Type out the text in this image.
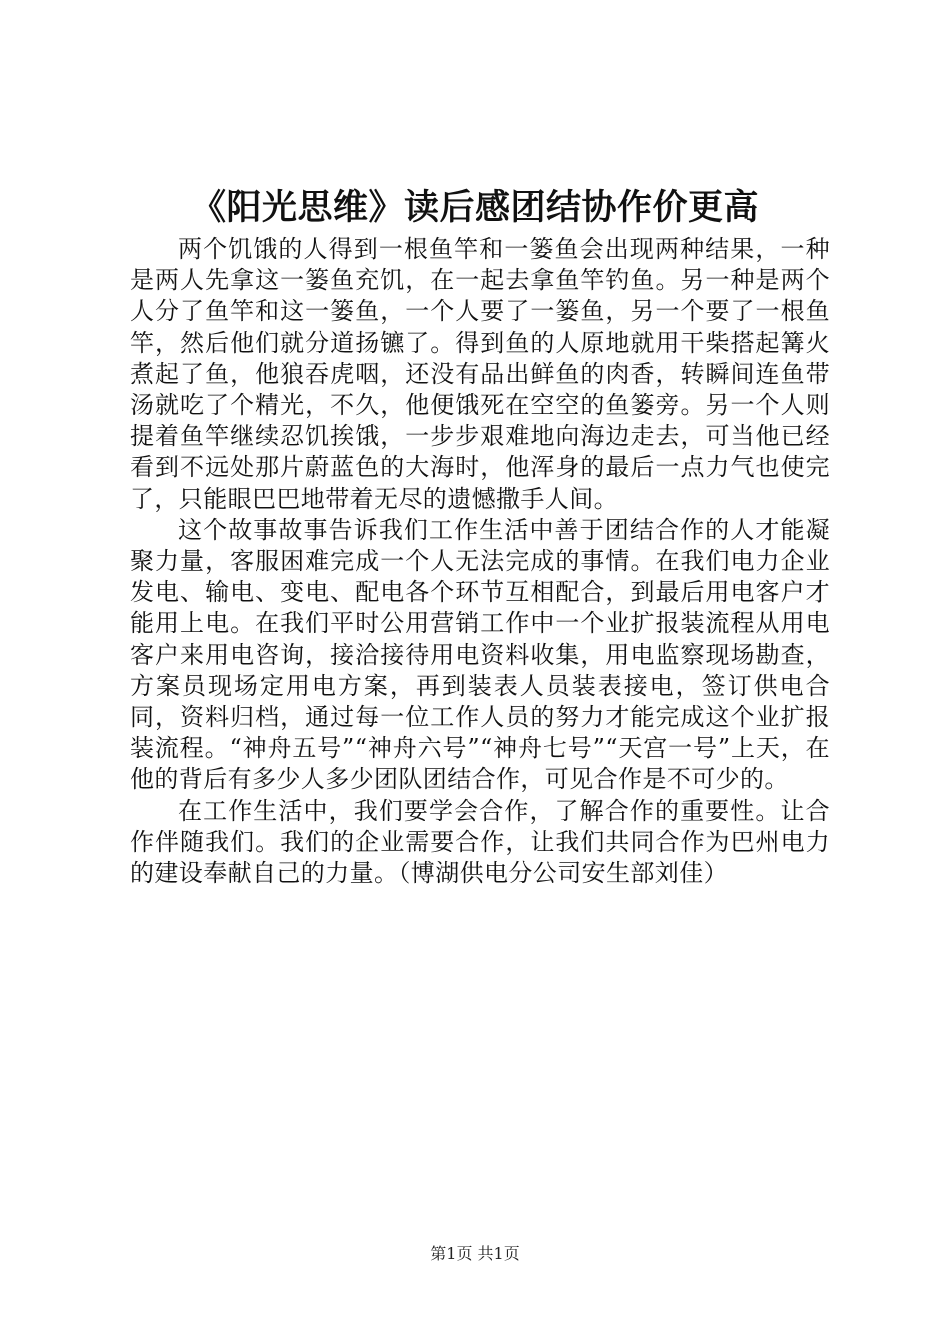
《阳光思维》读后感团结协作价更高

两个饥饿的人得到一根鱼竿和一篓鱼会出现两种结果，一种是两人先拿这一篓鱼充饥，在一起去拿鱼竿钓鱼。另一种是两个人分了鱼竿和这一篓鱼，一个人要了一篓鱼，另一个要了一根鱼竿，然后他们就分道扬镳了。得到鱼的人原地就用干柴搭起篝火煮起了鱼，他狼吞虎咽，还没有品出鲜鱼的肉香，转瞬间连鱼带汤就吃了个精光，不久，他便饿死在空空的鱼篓旁。另一个人则提着鱼竿继续忍饥挨饿，一步步艰难地向海边走去，可当他已经看到不远处那片蔚蓝色的大海时，他浑身的最后一点力气也使完了，只能眼巴巴地带着无尽的遗憾撒手人间。

这个故事故事告诉我们工作生活中善于团结合作的人才能凝聚力量，客服困难完成一个人无法完成的事情。在我们电力企业发电、输电、变电、配电各个环节互相配合，到最后用电客户才能用上电。在我们平时公用营销工作中一个业扩报装流程从用电客户来用电咨询，接洽接待用电资料收集，用电监察现场勘查，方案员现场定用电方案，再到装表人员装表接电，签订供电合同，资料归档，通过每一位工作人员的努力才能完成这个业扩报装流程。“神舟五号”“神舟六号”“神舟七号”“天宫一号”上天，在他的背后有多少人多少团队团结合作，可见合作是不可少的。

在工作生活中，我们要学会合作，了解合作的重要性。让合作伴随我们。我们的企业需要合作，让我们共同合作为巴州电力的建设奉献自己的力量。（博湖供电分公司安生部刘佳）

第1页 共1页
